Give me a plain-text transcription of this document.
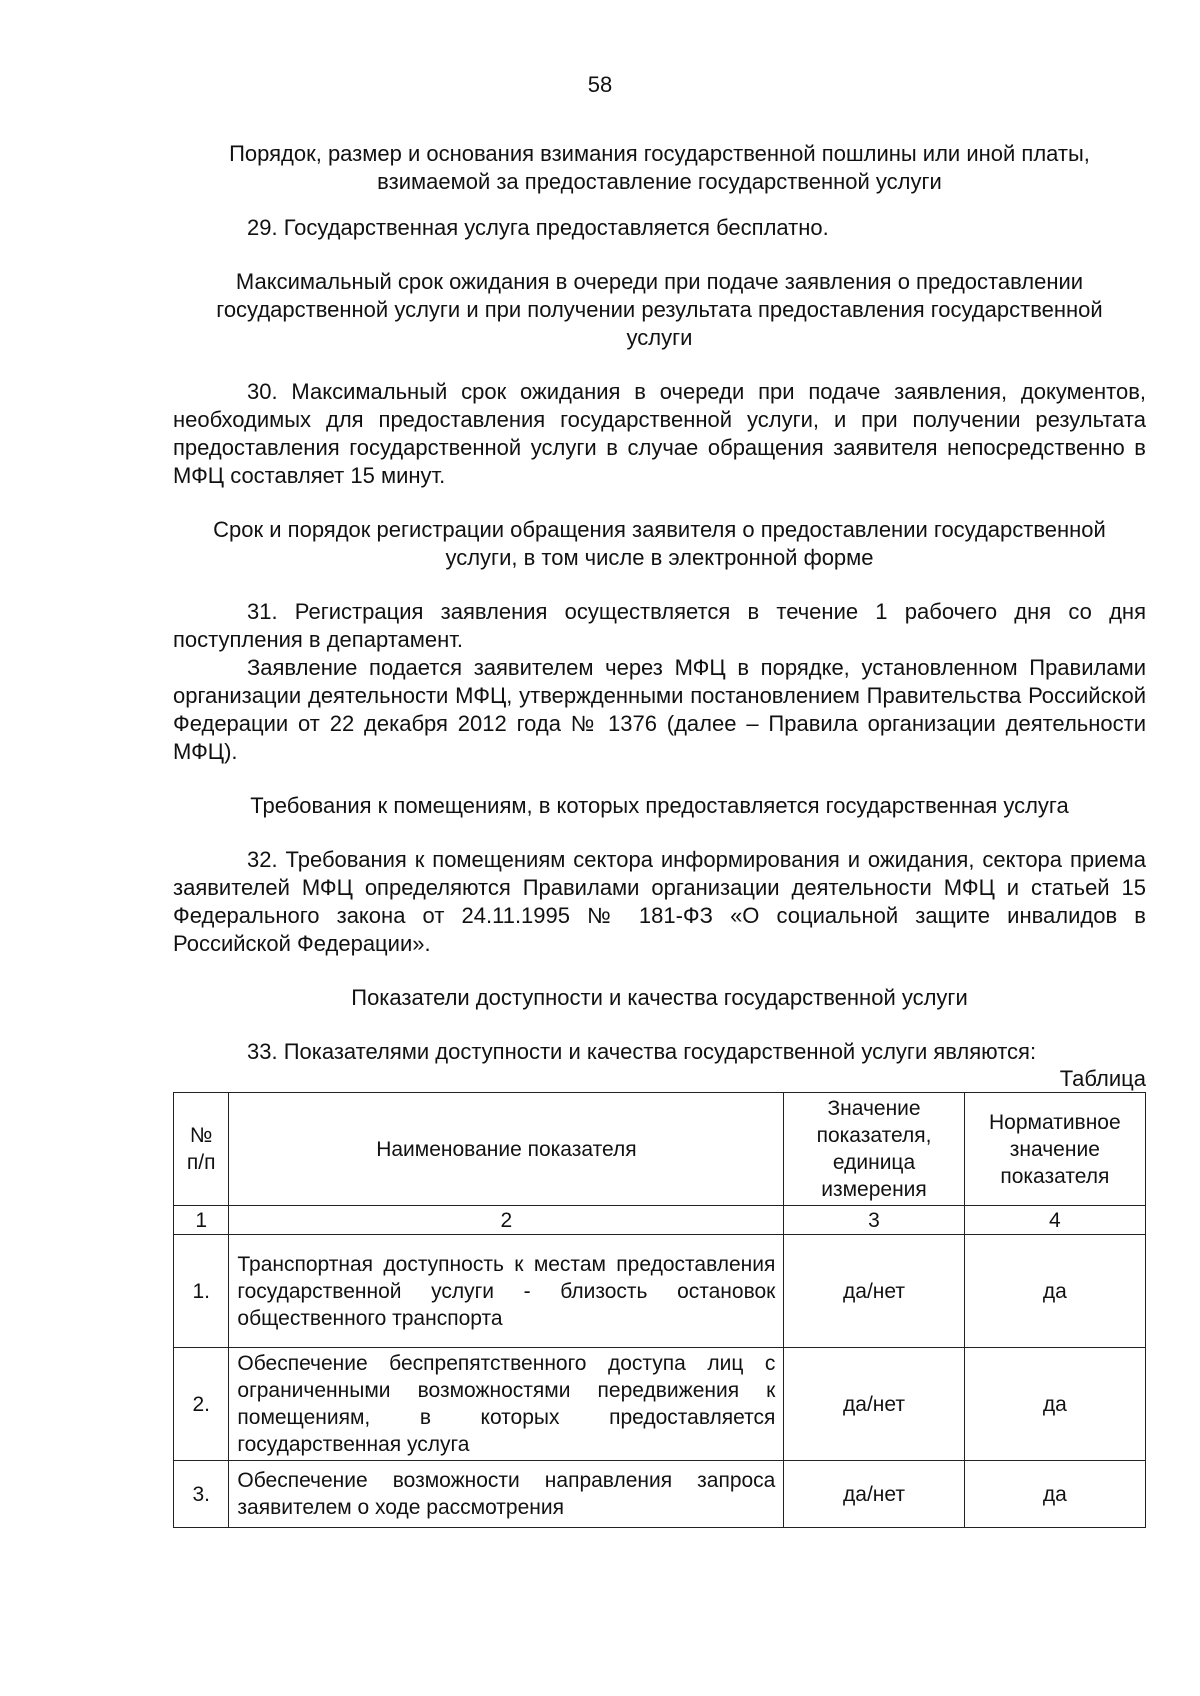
58

Порядок, размер и основания взимания государственной пошлины или иной платы, взимаемой за предоставление государственной услуги

29. Государственная услуга предоставляется бесплатно.

Максимальный срок ожидания в очереди при подаче заявления о предоставлении государственной услуги и при получении результата предоставления государственной услуги

30. Максимальный срок ожидания в очереди при подаче заявления, документов, необходимых для предоставления государственной услуги, и при получении результата предоставления государственной услуги в случае обращения заявителя непосредственно в МФЦ составляет 15 минут.

Срок и порядок регистрации обращения заявителя о предоставлении государственной услуги, в том числе в электронной форме

31. Регистрация заявления осуществляется в течение 1 рабочего дня со дня поступления в департамент.

Заявление подается заявителем через МФЦ в порядке, установленном Правилами организации деятельности МФЦ, утвержденными постановлением Правительства Российской Федерации от 22 декабря 2012 года № 1376 (далее – Правила организации деятельности МФЦ).

Требования к помещениям, в которых предоставляется государственная услуга

32. Требования к помещениям сектора информирования и ожидания, сектора приема заявителей МФЦ определяются Правилами организации деятельности МФЦ и статьей 15 Федерального закона от 24.11.1995 № 181-ФЗ «О социальной защите инвалидов в Российской Федерации».

Показатели доступности и качества государственной услуги

33. Показателями доступности и качества государственной услуги являются:

Таблица

№ п/п	Наименование показателя	Значение показателя, единица измерения	Нормативное значение показателя
1	2	3	4
1.	Транспортная доступность к местам предоставления государственной услуги - близость остановок общественного транспорта	да/нет	да
2.	Обеспечение беспрепятственного доступа лиц с ограниченными возможностями передвижения к помещениям, в которых предоставляется государственная услуга	да/нет	да
3.	Обеспечение возможности направления запроса заявителем о ходе рассмотрения	да/нет	да
